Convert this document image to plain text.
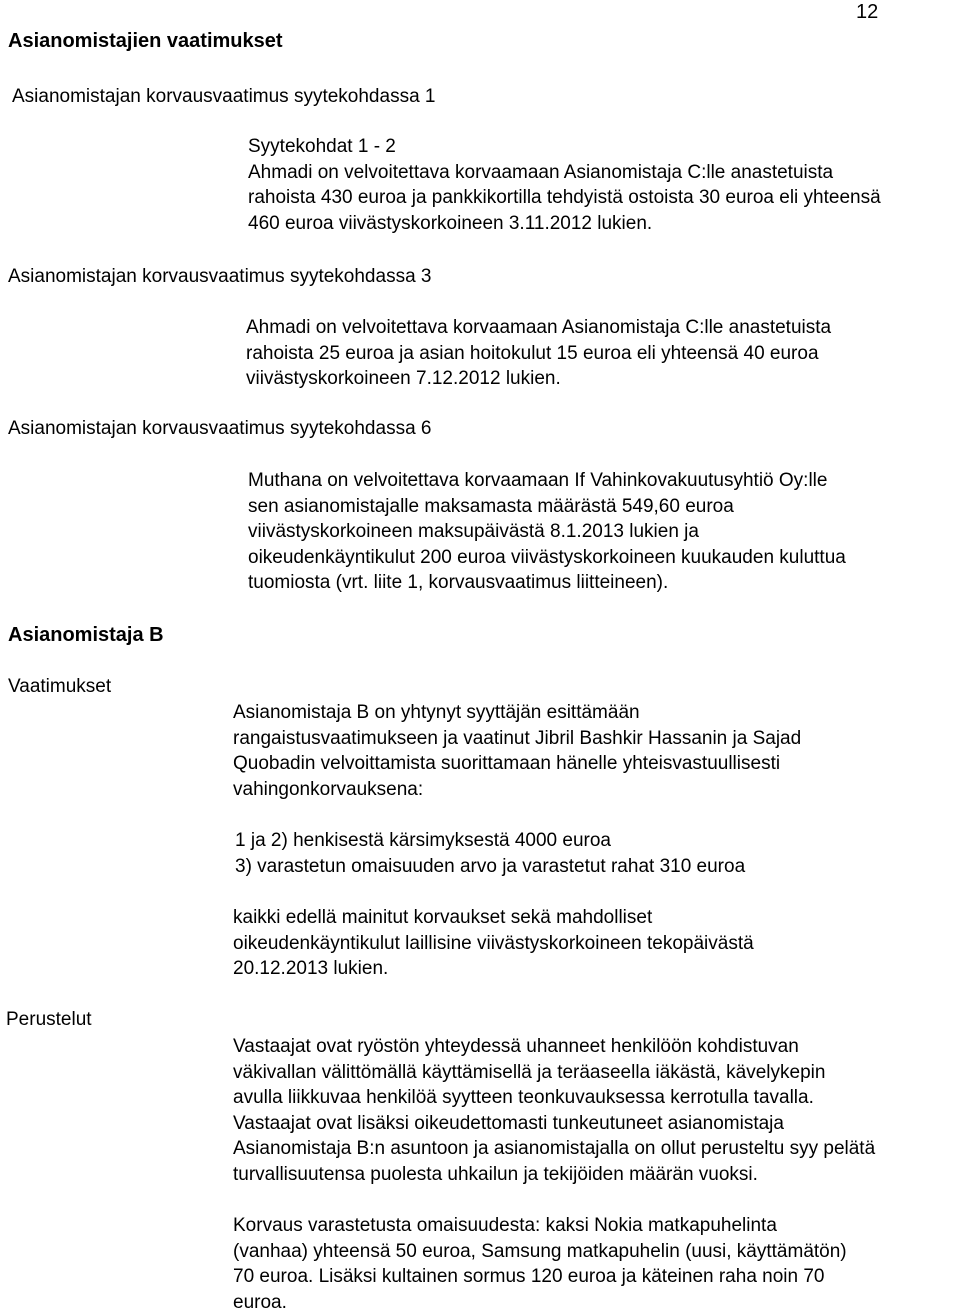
12
Asianomistajien vaatimukset
Asianomistajan korvausvaatimus syytekohdassa 1
Syytekohdat 1 - 2
Ahmadi on velvoitettava korvaamaan Asianomistaja C:lle anastetuista
rahoista 430 euroa ja pankkikortilla tehdyistä ostoista 30 euroa eli yhteensä
460 euroa viivästyskorkoineen 3.11.2012 lukien.
Asianomistajan korvausvaatimus syytekohdassa 3
Ahmadi on velvoitettava korvaamaan Asianomistaja C:lle anastetuista
rahoista 25 euroa ja asian hoitokulut 15 euroa eli yhteensä 40 euroa
viivästyskorkoineen 7.12.2012 lukien.
Asianomistajan korvausvaatimus syytekohdassa 6
Muthana on velvoitettava korvaamaan If Vahinkovakuutusyhtiö Oy:lle
sen asianomistajalle maksamasta määrästä 549,60 euroa
viivästyskorkoineen maksupäivästä 8.1.2013 lukien ja
oikeudenkäyntikulut 200 euroa viivästyskorkoineen kuukauden kuluttua
tuomiosta (vrt. liite 1, korvausvaatimus liitteineen).
Asianomistaja B
Vaatimukset
Asianomistaja B on yhtynyt syyttäjän esittämään
rangaistusvaatimukseen ja vaatinut Jibril Bashkir Hassanin ja Sajad
Quobadin velvoittamista suorittamaan hänelle yhteisvastuullisesti
vahingonkorvauksena:
1 ja 2) henkisestä kärsimyksestä 4000 euroa
3) varastetun omaisuuden arvo ja varastetut rahat 310 euroa
kaikki edellä mainitut korvaukset sekä mahdolliset
oikeudenkäyntikulut laillisine viivästyskorkoineen tekopäivästä
20.12.2013 lukien.
Perustelut
Vastaajat ovat ryöstön yhteydessä uhanneet henkilöön kohdistuvan
väkivallan välittömällä käyttämisellä ja teräaseella iäkästä, kävelykepin
avulla liikkuvaa henkilöä syytteen teonkuvauksessa kerrotulla tavalla.
Vastaajat ovat lisäksi oikeudettomasti tunkeutuneet asianomistaja
Asianomistaja B:n asuntoon ja asianomistajalla on ollut perusteltu syy pelätä
turvallisuutensa puolesta uhkailun ja tekijöiden määrän vuoksi.
Korvaus varastetusta omaisuudesta: kaksi Nokia matkapuhelinta
(vanhaa) yhteensä 50 euroa, Samsung matkapuhelin (uusi, käyttämätön)
70 euroa. Lisäksi kultainen sormus 120 euroa ja käteinen raha noin 70
euroa.
